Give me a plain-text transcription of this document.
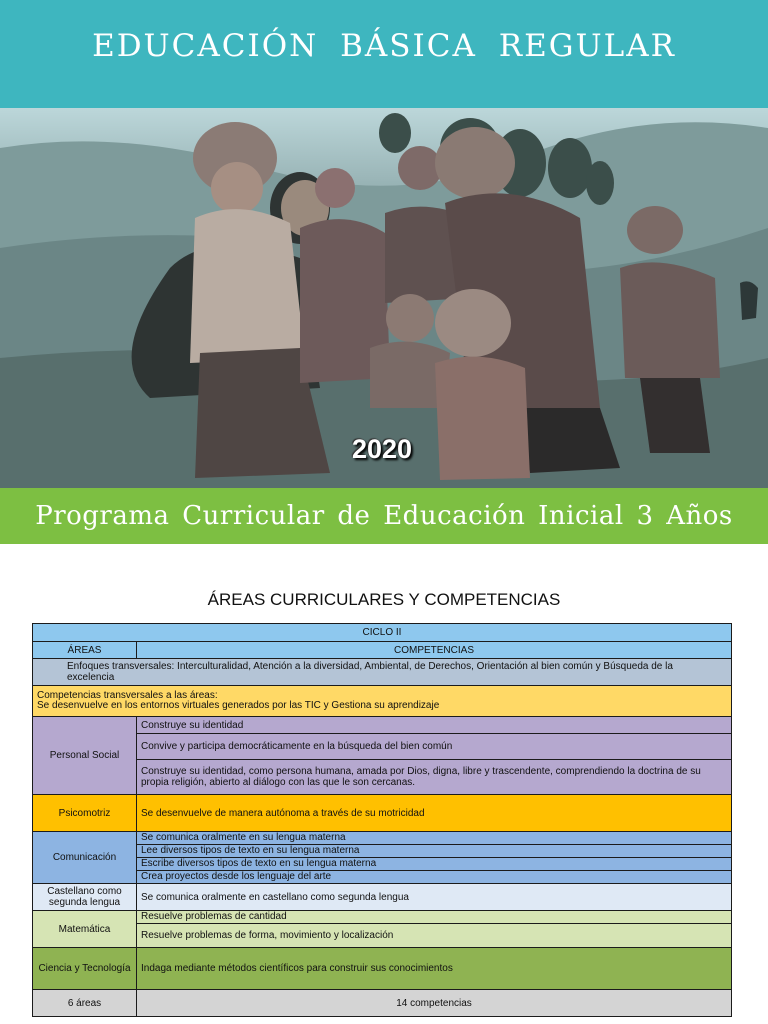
EDUCACIÓN BÁSICA REGULAR
2020
Programa Curricular de Educación Inicial 3 Años
ÁREAS CURRICULARES Y COMPETENCIAS
CICLO II	
ÁREAS	COMPETENCIAS
Enfoques transversales: Interculturalidad, Atención a la diversidad, Ambiental, de Derechos, Orientación al bien común y Búsqueda de la excelencia	

Competencias transversales a las áreas:
Se desenvuelve en los entornos virtuales generados por las TIC y Gestiona su aprendizaje	

Personal Social	Construye su identidad
	Convive y participa democráticamente en la búsqueda del bien común
	Construye su identidad, como persona humana, amada por Dios, digna, libre y trascendente, comprendiendo la doctrina de su propia religión, abierto al diálogo con las que le son cercanas.
Psicomotriz	Se desenvuelve de manera autónoma a través de su motricidad
Comunicación	Se comunica oralmente en su lengua materna
	Lee diversos tipos de texto en su lengua materna
	Escribe diversos tipos de texto en su lengua materna
	Crea proyectos desde los lenguaje del arte
Castellano como segunda lengua	Se comunica oralmente en castellano como segunda lengua
Matemática	Resuelve problemas de cantidad
	Resuelve problemas de forma, movimiento y localización
Ciencia y Tecnología	Indaga mediante métodos científicos para construir sus conocimientos
6 áreas	14 competencias
